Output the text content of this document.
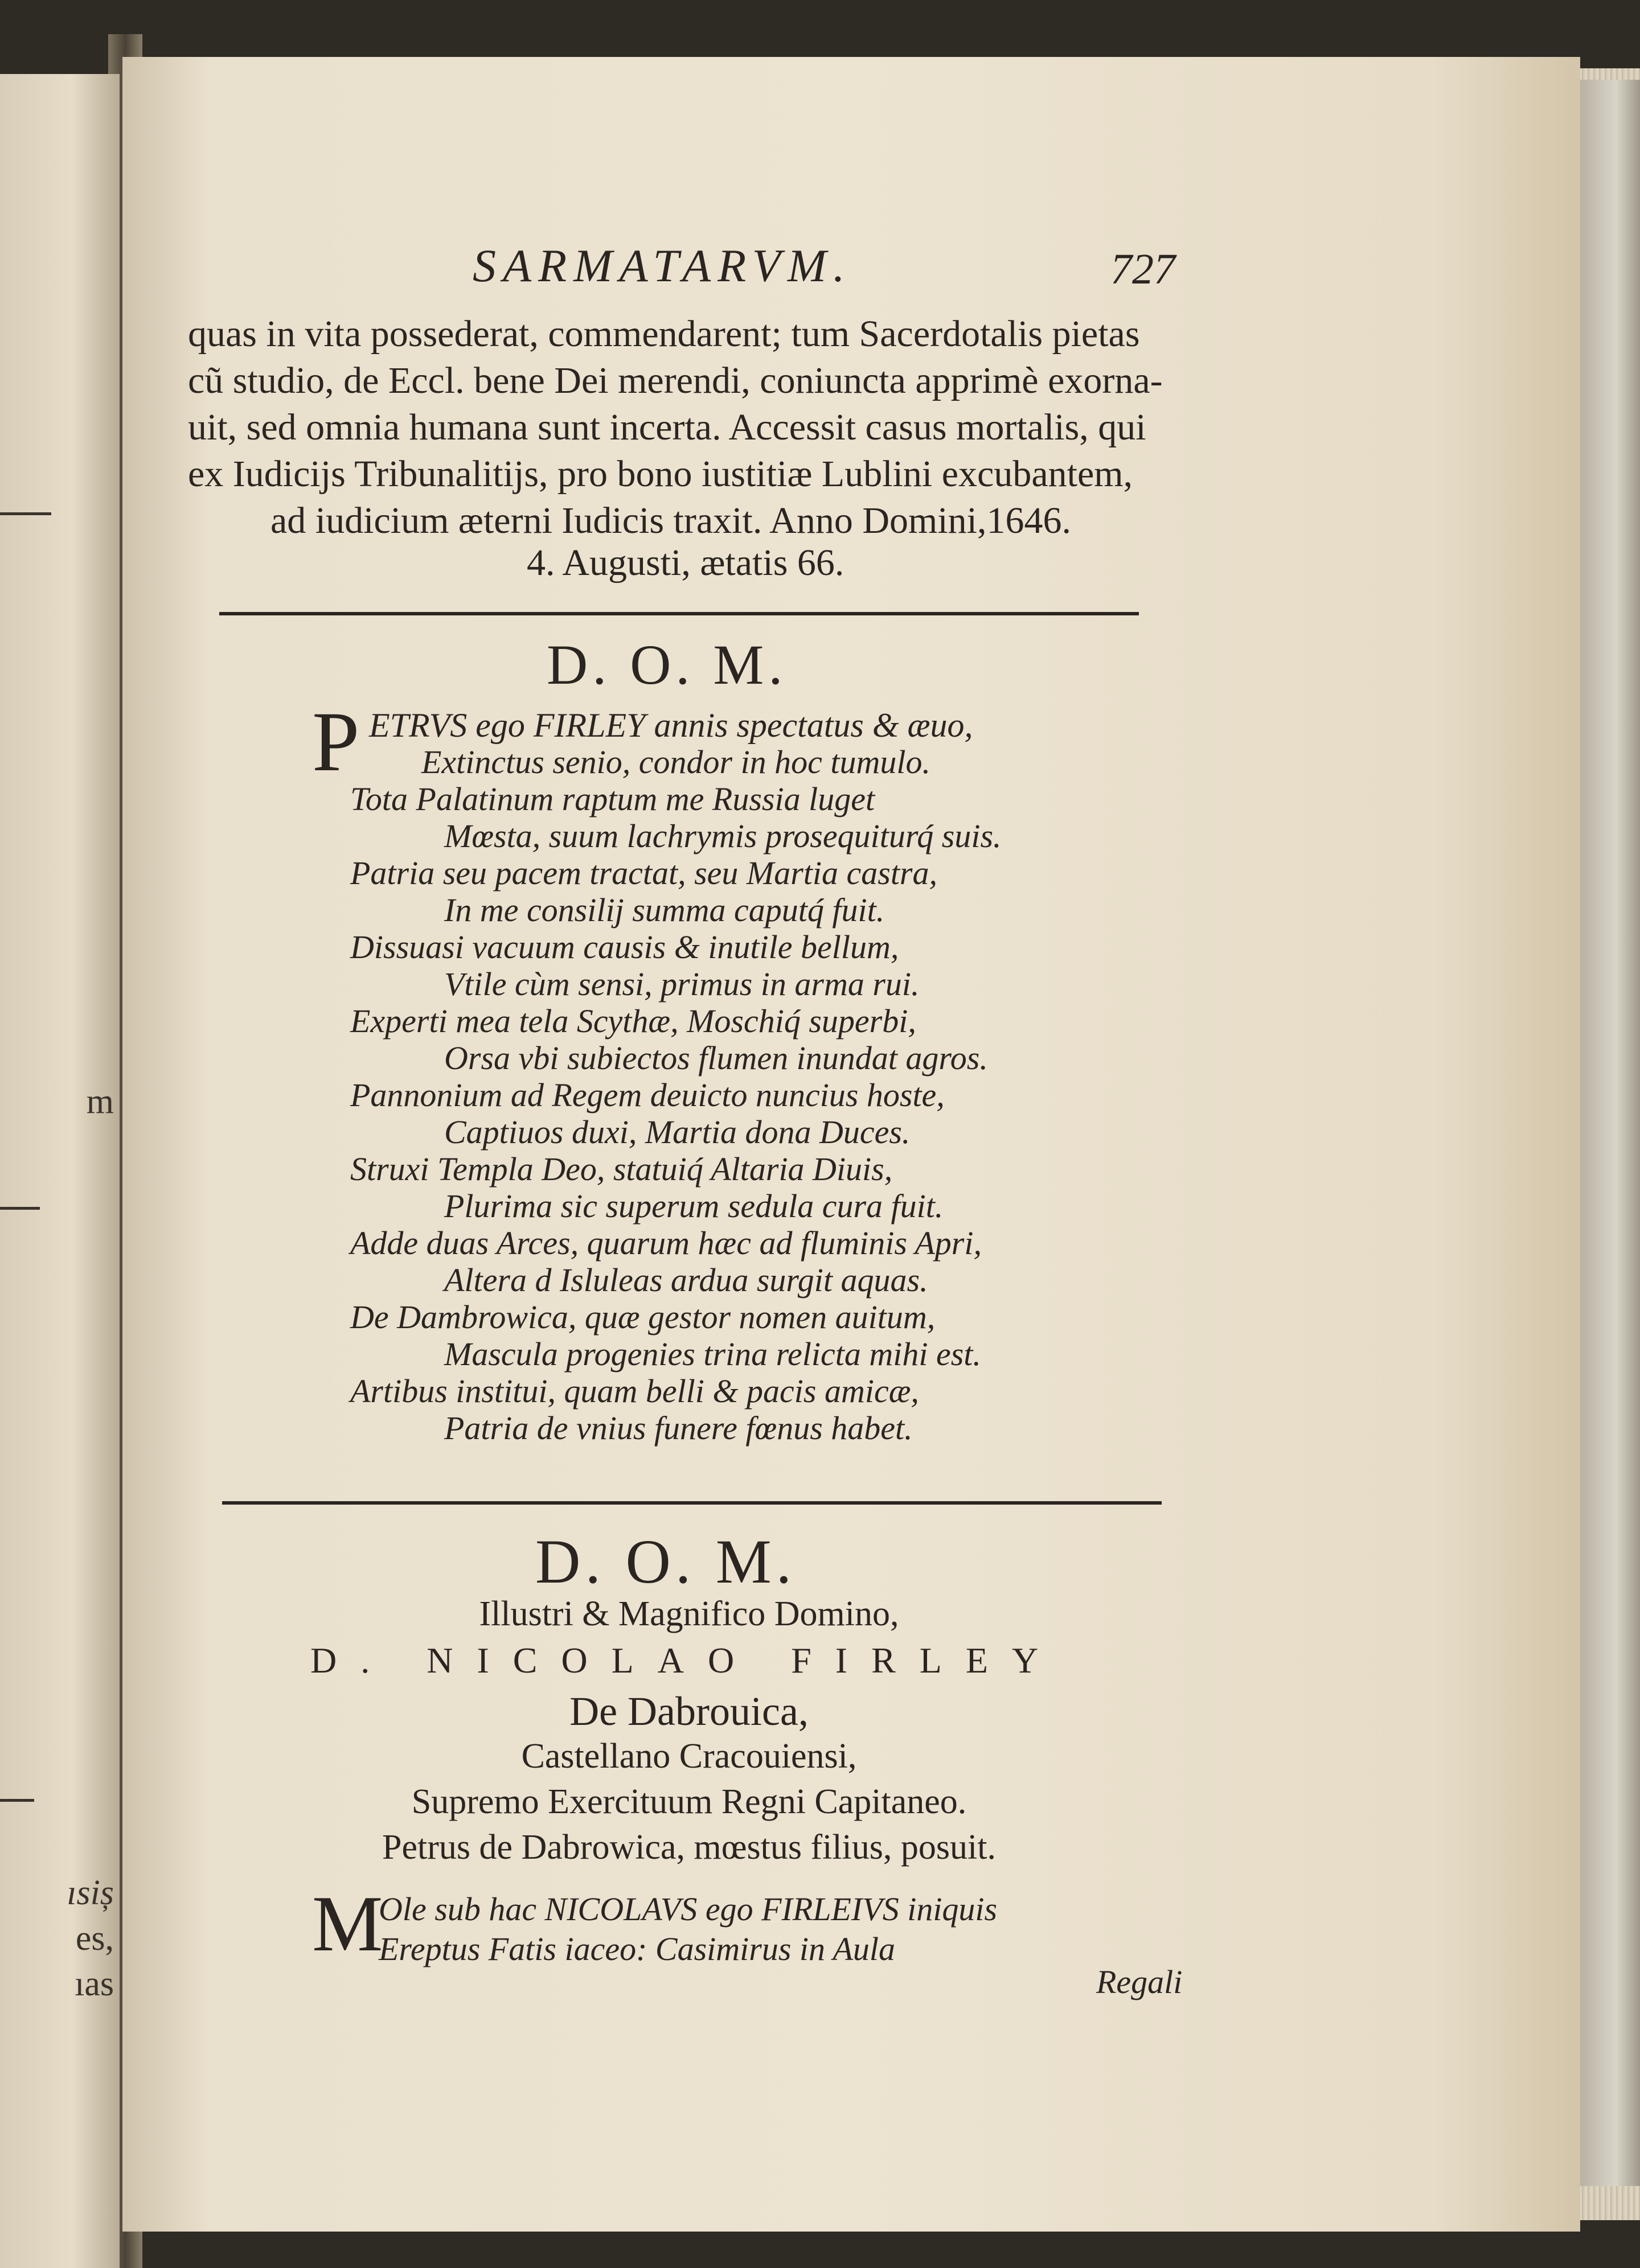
m
ısiș
es,
ıas
SARMATARVM.	727
quas in vita possederat, commendarent; tum Sacerdotalis pietas
cũ studio, de Eccl. bene Dei merendi, coniuncta apprimè exorna-
uit, sed omnia humana sunt incerta. Accessit casus mortalis, qui
ex Iudicijs Tribunalitijs, pro bono iustitiæ Lublini excubantem,
ad iudicium æterni Iudicis traxit. Anno Domini,1646.
4. Augusti, ætatis 66.
D. O. M.
P ETRVS ego FIRLEY annis spectatus & æuo,
Extinctus senio, condor in hoc tumulo.
Tota Palatinum raptum me Russia luget
Mœsta, suum lachrymis prosequiturq́ suis.
Patria seu pacem tractat, seu Martia castra,
In me consilij summa caputq́ fuit.
Dissuasi vacuum causis & inutile bellum,
Vtile cùm sensi, primus in arma rui.
Experti mea tela Scythæ, Moschiq́ superbi,
Orsa vbi subiectos flumen inundat agros.
Pannonium ad Regem deuicto nuncius hoste,
Captiuos duxi, Martia dona Duces.
Struxi Templa Deo, statuiq́ Altaria Diuis,
Plurima sic superum sedula cura fuit.
Adde duas Arces, quarum hæc ad fluminis Apri,
Altera d Isluleas ardua surgit aquas.
De Dambrowica, quæ gestor nomen auitum,
Mascula progenies trina relicta mihi est.
Artibus institui, quam belli & pacis amicæ,
Patria de vnius funere fœnus habet.
D. O. M.
Illustri & Magnifico Domino,
D. NICOLAO FIRLEY
De Dabrouica,
Castellano Cracouiensi,
Supremo Exercituum Regni Capitaneo.
Petrus de Dabrowica, mœstus filius, posuit.
M
Ole sub hac NICOLAVS ego FIRLEIVS iniquis
Ereptus Fatis iaceo: Casimirus in Aula
Regali
